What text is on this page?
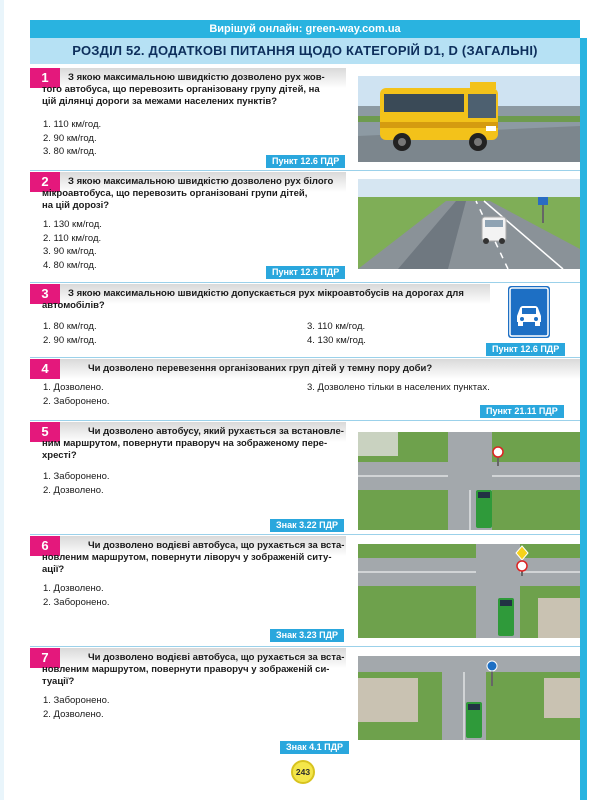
Вирішуй онлайн: green-way.com.ua
РОЗДІЛ 52. ДОДАТКОВІ ПИТАННЯ ЩОДО КАТЕГОРІЙ D1, D (ЗАГАЛЬНІ)
1	З якою максимальною швидкістю дозволено рух жов-
того автобуса, що перевозить організовану групу дітей, на
цій ділянці дороги за межами населених пунктів?
1. 110 км/год.
2. 90 км/год.
3. 80 км/год.
Пункт 12.6 ПДР
2	З якою максимальною швидкістю дозволено рух білого
мікроавтобуса, що перевозить організовані групи дітей,
на цій дорозі?
1. 130 км/год.
2. 110 км/год.
3. 90 км/год.
4. 80 км/год.
Пункт 12.6 ПДР
3	З якою максимальною швидкістю допускається рух мікроавтобусів на дорогах для
автомобілів?
1. 80 км/год.
2. 90 км/год.
3. 110 км/год.
4. 130 км/год.
Пункт 12.6 ПДР
4	Чи дозволено перевезення організованих груп дітей у темну пору доби?
1. Дозволено.
2. Заборонено.
3. Дозволено тільки в населених пунктах.
Пункт 21.11 ПДР
5	Чи дозволено автобусу, який рухається за встановле-
ним маршрутом, повернути праворуч на зображеному пере-
хресті?
1. Заборонено.
2. Дозволено.
Знак 3.22 ПДР
6	Чи дозволено водієві автобуса, що рухається за вста-
новленим маршрутом, повернути ліворуч у зображеній ситу-
ації?
1. Дозволено.
2. Заборонено.
Знак 3.23 ПДР
7	Чи дозволено водієві автобуса, що рухається за вста-
новленим маршрутом, повернути праворуч у зображеній си-
туації?
1. Заборонено.
2. Дозволено.
Знак 4.1 ПДР
243
